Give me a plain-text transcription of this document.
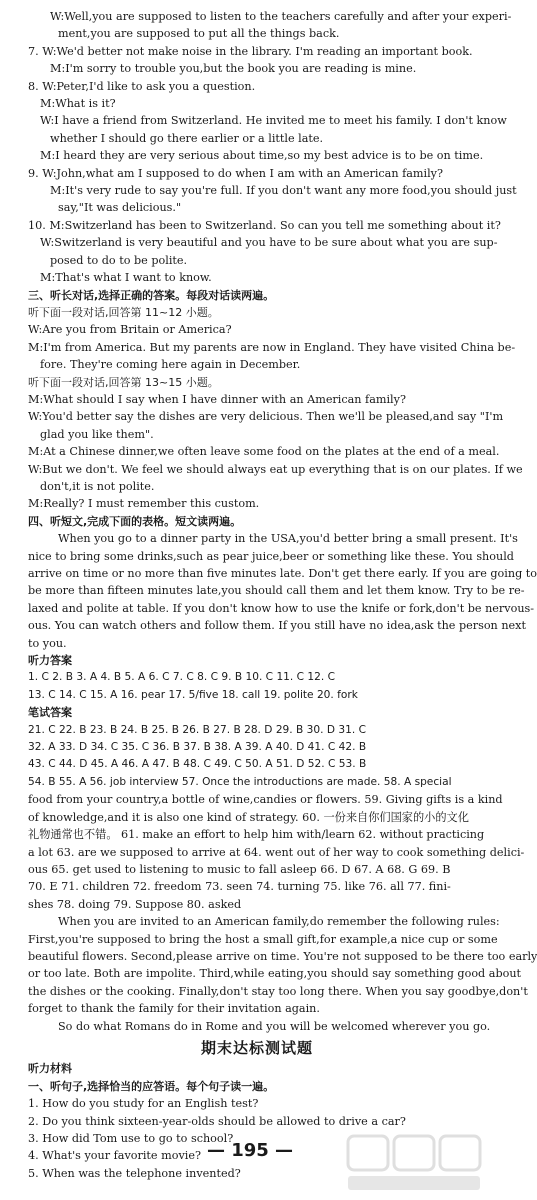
W:Well,you are supposed to listen to the teachers carefully and after your experi-
ment,you are supposed to put all the things back.
7. W:We'd better not make noise in the library. I'm reading an important book.
M:I'm sorry to trouble you,but the book you are reading is mine.
8. W:Peter,I'd like to ask you a question.
M:What is it?
W:I have a friend from Switzerland. He invited me to meet his family. I don't know
whether I should go there earlier or a little late.
M:I heard they are very serious about time,so my best advice is to be on time.
9. W:John,what am I supposed to do when I am with an American family?
M:It's very rude to say you're full. If you don't want any more food,you should just
say,"It was delicious."
10. M:Switzerland has been to Switzerland. So can you tell me something about it?
W:Switzerland is very beautiful and you have to be sure about what you are sup-
posed to do to be polite.
M:That's what I want to know.
三、听长对话,选择正确的答案。每段对话读两遍。
听下面一段对话,回答第 11~12 小题。
W:Are you from Britain or America?
M:I'm from America. But my parents are now in England. They have visited China be-
fore. They're coming here again in December.
听下面一段对话,回答第 13~15 小题。
M:What should I say when I have dinner with an American family?
W:You'd better say the dishes are very delicious. Then we'll be pleased,and say "I'm
glad you like them".
M:At a Chinese dinner,we often leave some food on the plates at the end of a meal.
W:But we don't. We feel we should always eat up everything that is on our plates. If we
don't,it is not polite.
M:Really? I must remember this custom.
四、听短文,完成下面的表格。短文读两遍。
When you go to a dinner party in the USA,you'd better bring a small present. It's
nice to bring some drinks,such as pear juice,beer or something like these. You should
arrive on time or no more than five minutes late. Don't get there early. If you are going to
be more than fifteen minutes late,you should call them and let them know. Try to be re-
laxed and polite at table. If you don't know how to use the knife or fork,don't be nervous-
ous. You can watch others and follow them. If you still have no idea,ask the person next
to you.
听力答案
1. C 2. B 3. A 4. B 5. A 6. C 7. C 8. C 9. B 10. C 11. C 12. C
13. C 14. C 15. A 16. pear 17. 5/five 18. call 19. polite 20. fork
笔试答案
21. C 22. B 23. B 24. B 25. B 26. B 27. B 28. D 29. B 30. D 31. C
32. A 33. D 34. C 35. C 36. B 37. B 38. A 39. A 40. D 41. C 42. B
43. C 44. D 45. A 46. A 47. B 48. C 49. C 50. A 51. D 52. C 53. B
54. B 55. A 56. job interview 57. Once the introductions are made. 58. A special
food from your country,a bottle of wine,candies or flowers. 59. Giving gifts is a kind
of knowledge,and it is also one kind of strategy. 60. 一份来自你们国家的小的文化
礼物通常也不错。 61. make an effort to help him with/learn 62. without practicing
a lot 63. are we supposed to arrive at 64. went out of her way to cook something delici-
ous 65. get used to listening to music to fall asleep 66. D 67. A 68. G 69. B
70. E 71. children 72. freedom 73. seen 74. turning 75. like 76. all 77. fini-
shes 78. doing 79. Suppose 80. asked
When you are invited to an American family,do remember the following rules:
First,you're supposed to bring the host a small gift,for example,a nice cup or some
beautiful flowers. Second,please arrive on time. You're not supposed to be there too early
or too late. Both are impolite. Third,while eating,you should say something good about
the dishes or the cooking. Finally,don't stay too long there. When you say goodbye,don't
forget to thank the family for their invitation again.
So do what Romans do in Rome and you will be welcomed wherever you go.
期末达标测试题
听力材料
一、听句子,选择恰当的应答语。每个句子读一遍。
1. How do you study for an English test?
2. Do you think sixteen-year-olds should be allowed to drive a car?
3. How did Tom use to go to school?
4. What's your favorite movie?
5. When was the telephone invented?
— 195 —
